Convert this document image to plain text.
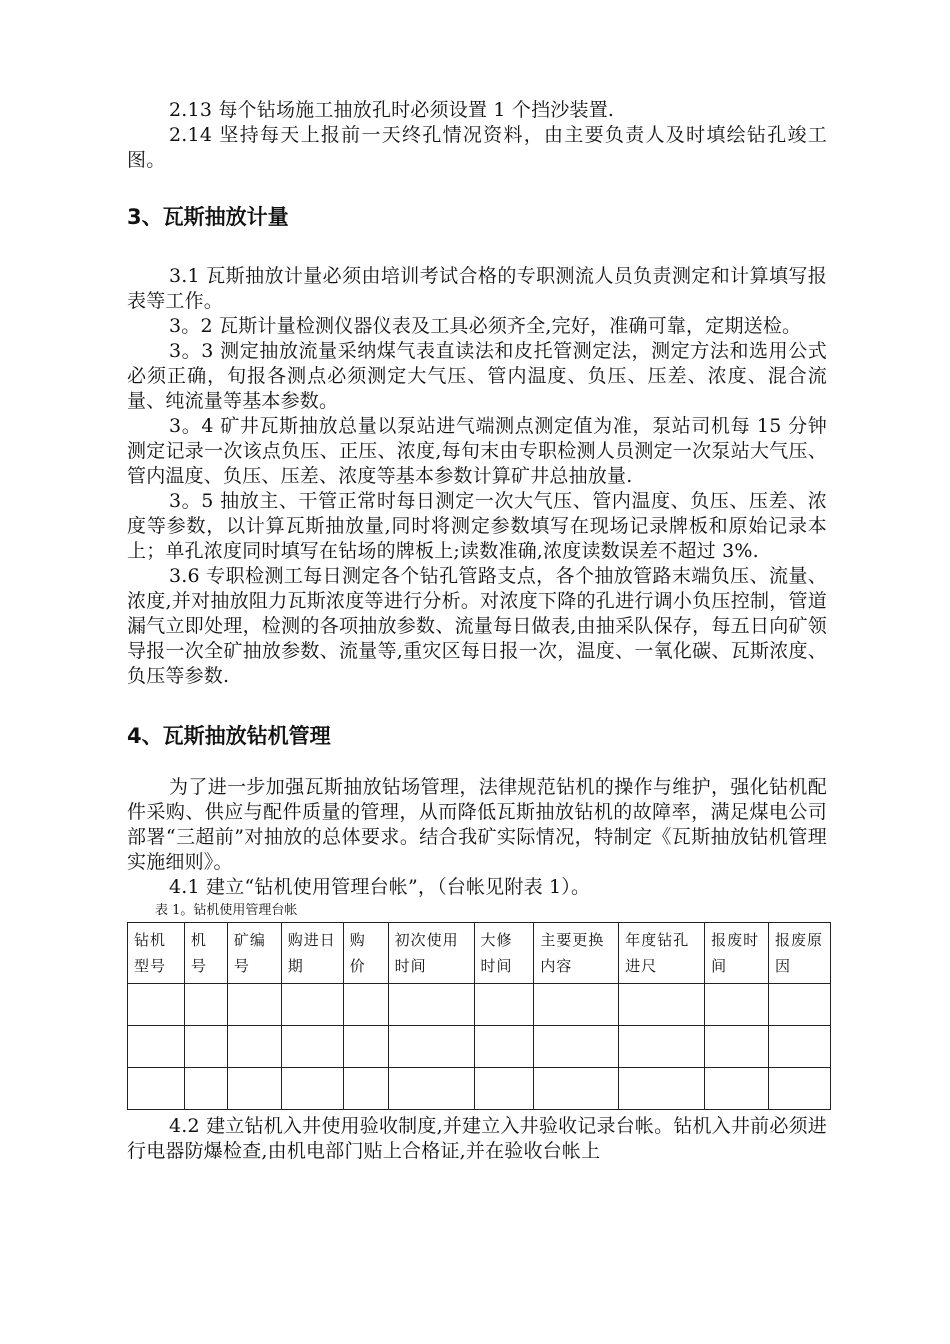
2.13 每个钻场施工抽放孔时必须设置 1 个挡沙装置.

2.14 坚持每天上报前一天终孔情况资料，由主要负责人及时填绘钻孔竣工图。

3、瓦斯抽放计量

3.1 瓦斯抽放计量必须由培训考试合格的专职测流人员负责测定和计算填写报表等工作。

3。2 瓦斯计量检测仪器仪表及工具必须齐全,完好，准确可靠，定期送检。

3。3 测定抽放流量采纳煤气表直读法和皮托管测定法，测定方法和选用公式必须正确，旬报各测点必须测定大气压、管内温度、负压、压差、浓度、混合流量、纯流量等基本参数。

3。4 矿井瓦斯抽放总量以泵站进气端测点测定值为准，泵站司机每 15 分钟测定记录一次该点负压、正压、浓度,每旬末由专职检测人员测定一次泵站大气压、管内温度、负压、压差、浓度等基本参数计算矿井总抽放量.

3。5 抽放主、干管正常时每日测定一次大气压、管内温度、负压、压差、浓度等参数，以计算瓦斯抽放量,同时将测定参数填写在现场记录牌板和原始记录本上；单孔浓度同时填写在钻场的牌板上;读数准确,浓度读数误差不超过 3%.

3.6 专职检测工每日测定各个钻孔管路支点，各个抽放管路末端负压、流量、浓度,并对抽放阻力瓦斯浓度等进行分析。对浓度下降的孔进行调小负压控制，管道漏气立即处理，检测的各项抽放参数、流量每日做表,由抽采队保存，每五日向矿领导报一次全矿抽放参数、流量等,重灾区每日报一次，温度、一氧化碳、瓦斯浓度、负压等参数.

4、瓦斯抽放钻机管理

为了进一步加强瓦斯抽放钻场管理，法律规范钻机的操作与维护，强化钻机配件采购、供应与配件质量的管理，从而降低瓦斯抽放钻机的故障率，满足煤电公司部署“三超前”对抽放的总体要求。结合我矿实际情况，特制定《瓦斯抽放钻机管理实施细则》。

4.1 建立“钻机使用管理台帐”，（台帐见附表 1）。

表 1。钻机使用管理台帐
钻机型号	机号	矿编号	购进日期	购价	初次使用时间	大修时间	主要更换内容	年度钻孔进尺	报废时间	报废原因

4.2 建立钻机入井使用验收制度,并建立入井验收记录台帐。钻机入井前必须进行电器防爆检查,由机电部门贴上合格证,并在验收台帐上
